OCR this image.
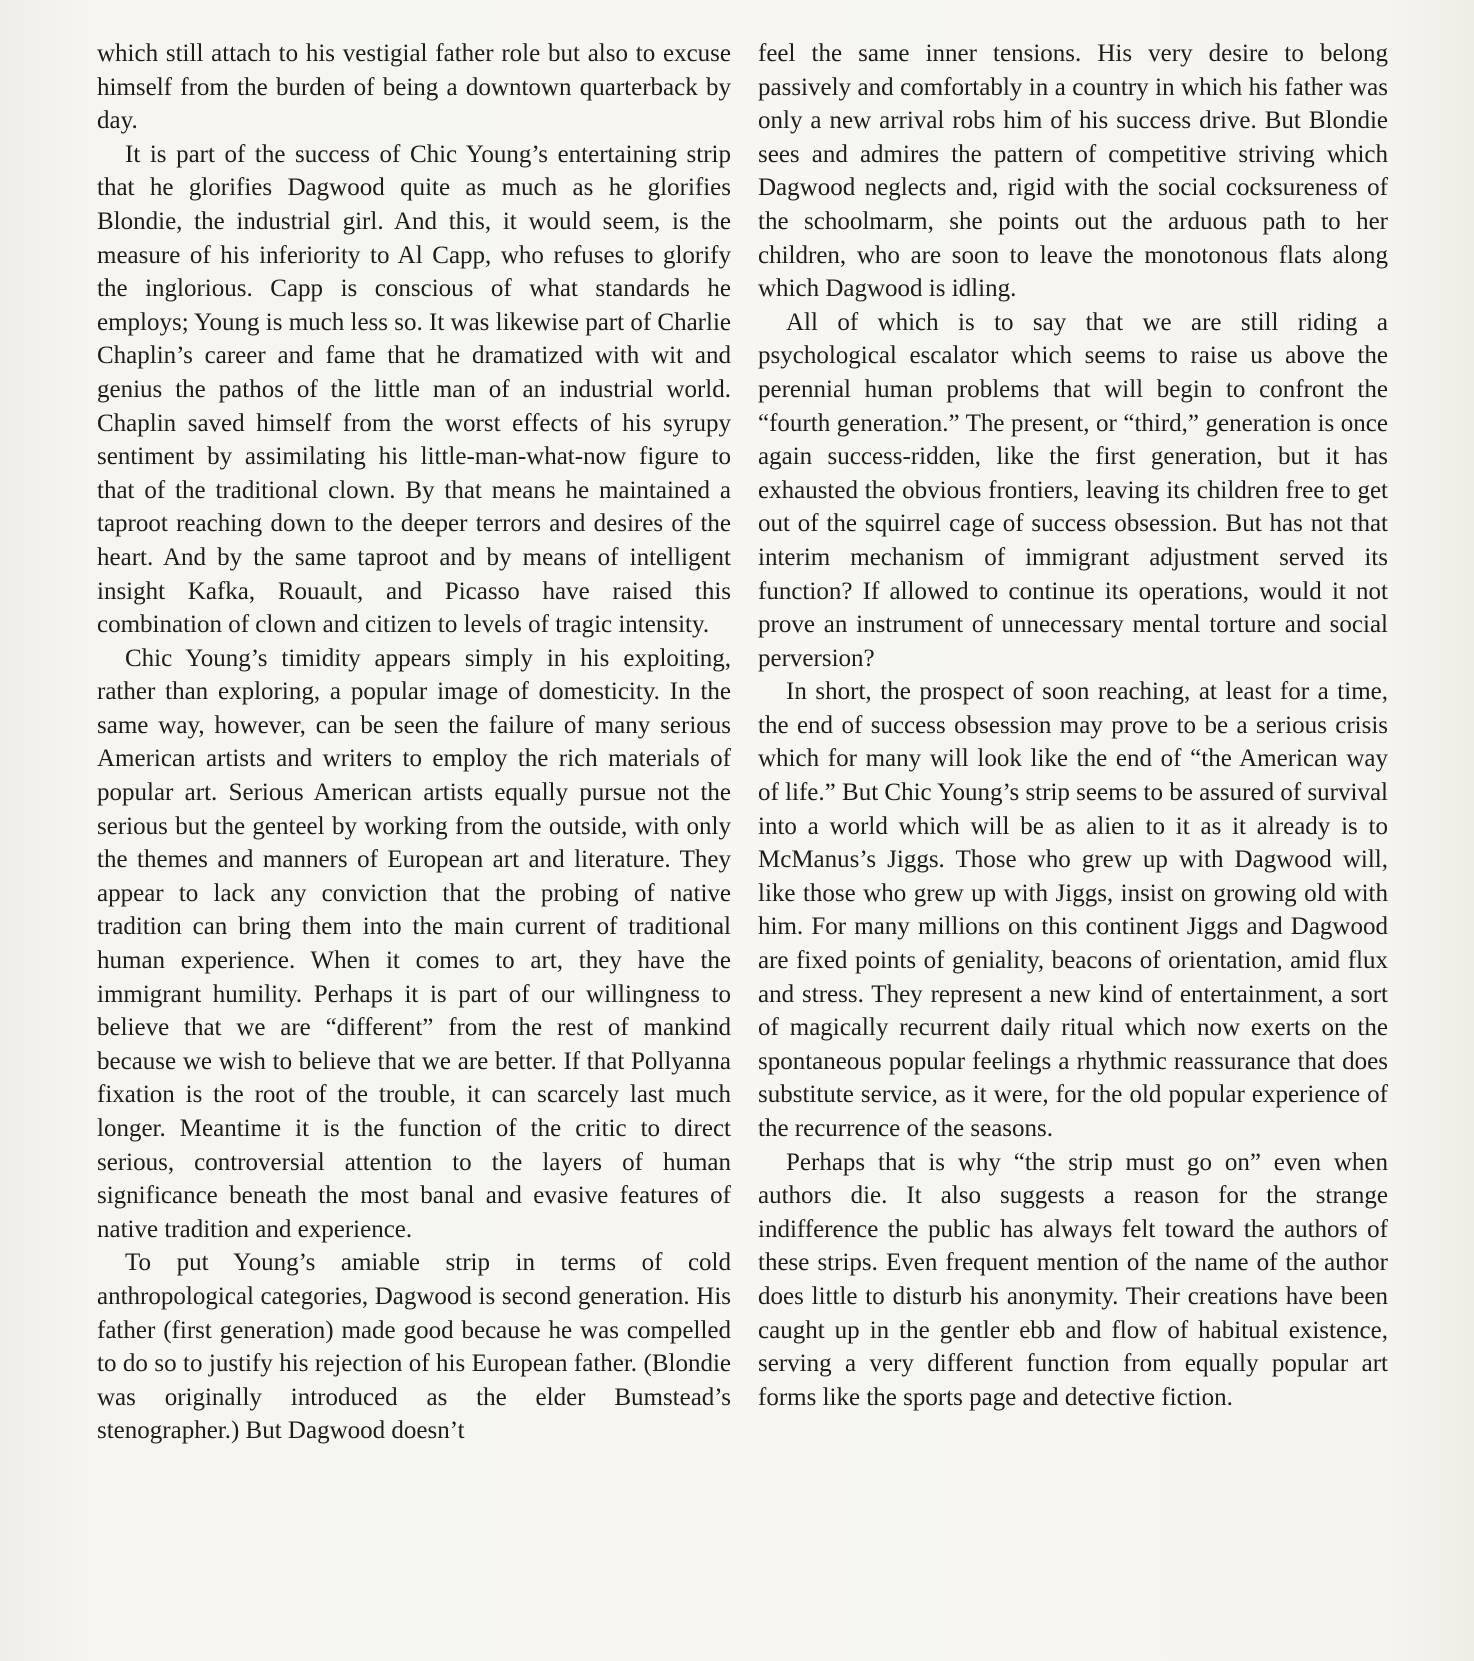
which still attach to his vestigial father role but also to excuse himself from the burden of being a downtown quarterback by day.

It is part of the success of Chic Young’s entertaining strip that he glorifies Dagwood quite as much as he glorifies Blondie, the industrial girl. And this, it would seem, is the measure of his inferiority to Al Capp, who refuses to glorify the inglorious. Capp is conscious of what standards he employs; Young is much less so. It was likewise part of Charlie Chaplin’s career and fame that he dramatized with wit and genius the pathos of the little man of an industrial world. Chaplin saved himself from the worst effects of his syrupy sentiment by assimilating his little-man-what-now figure to that of the traditional clown. By that means he maintained a taproot reaching down to the deeper terrors and desires of the heart. And by the same taproot and by means of intelligent insight Kafka, Rouault, and Picasso have raised this combination of clown and citizen to levels of tragic intensity.

Chic Young’s timidity appears simply in his exploiting, rather than exploring, a popular image of domesticity. In the same way, however, can be seen the failure of many serious American artists and writers to employ the rich materials of popular art. Serious American artists equally pursue not the serious but the genteel by working from the outside, with only the themes and manners of European art and literature. They appear to lack any conviction that the probing of native tradition can bring them into the main current of traditional human experience. When it comes to art, they have the immigrant humility. Perhaps it is part of our willingness to believe that we are “different” from the rest of mankind because we wish to believe that we are better. If that Pollyanna fixation is the root of the trouble, it can scarcely last much longer. Meantime it is the function of the critic to direct serious, controversial attention to the layers of human significance beneath the most banal and evasive features of native tradition and experience.

To put Young’s amiable strip in terms of cold anthropological categories, Dagwood is second generation. His father (first generation) made good because he was compelled to do so to justify his rejection of his European father. (Blondie was originally introduced as the elder Bumstead’s stenographer.) But Dagwood doesn’t

feel the same inner tensions. His very desire to belong passively and comfortably in a country in which his father was only a new arrival robs him of his success drive. But Blondie sees and admires the pattern of competitive striving which Dagwood neglects and, rigid with the social cocksureness of the schoolmarm, she points out the arduous path to her children, who are soon to leave the monotonous flats along which Dagwood is idling.

All of which is to say that we are still riding a psychological escalator which seems to raise us above the perennial human problems that will begin to confront the “fourth generation.” The present, or “third,” generation is once again success-ridden, like the first generation, but it has exhausted the obvious frontiers, leaving its children free to get out of the squirrel cage of success obsession. But has not that interim mechanism of immigrant adjustment served its function? If allowed to continue its operations, would it not prove an instrument of unnecessary mental torture and social perversion?

In short, the prospect of soon reaching, at least for a time, the end of success obsession may prove to be a serious crisis which for many will look like the end of “the American way of life.” But Chic Young’s strip seems to be assured of survival into a world which will be as alien to it as it already is to McManus’s Jiggs. Those who grew up with Dagwood will, like those who grew up with Jiggs, insist on growing old with him. For many millions on this continent Jiggs and Dagwood are fixed points of geniality, beacons of orientation, amid flux and stress. They represent a new kind of entertainment, a sort of magically recurrent daily ritual which now exerts on the spontaneous popular feelings a rhythmic reassurance that does substitute service, as it were, for the old popular experience of the recurrence of the seasons.

Perhaps that is why “the strip must go on” even when authors die. It also suggests a reason for the strange indifference the public has always felt toward the authors of these strips. Even frequent mention of the name of the author does little to disturb his anonymity. Their creations have been caught up in the gentler ebb and flow of habitual existence, serving a very different function from equally popular art forms like the sports page and detective fiction.
